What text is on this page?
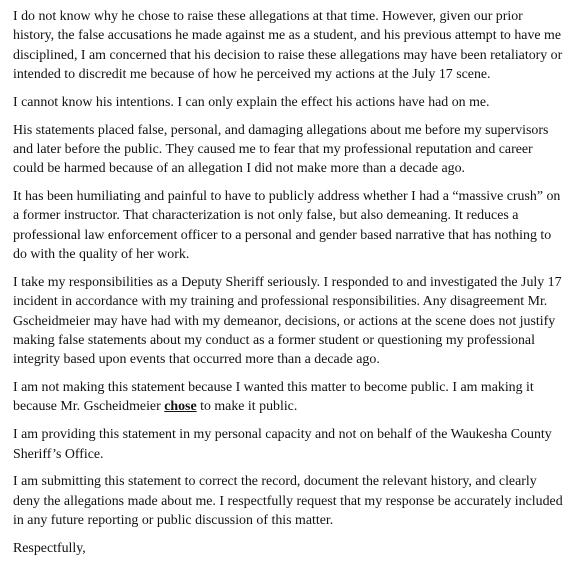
I do not know why he chose to raise these allegations at that time. However, given our prior history, the false accusations he made against me as a student, and his previous attempt to have me disciplined, I am concerned that his decision to raise these allegations may have been retaliatory or intended to discredit me because of how he perceived my actions at the July 17 scene.

I cannot know his intentions. I can only explain the effect his actions have had on me.

His statements placed false, personal, and damaging allegations about me before my supervisors and later before the public. They caused me to fear that my professional reputation and career could be harmed because of an allegation I did not make more than a decade ago.

It has been humiliating and painful to have to publicly address whether I had a “massive crush” on a former instructor. That characterization is not only false, but also demeaning. It reduces a professional law enforcement officer to a personal and gender based narrative that has nothing to do with the quality of her work.

I take my responsibilities as a Deputy Sheriff seriously. I responded to and investigated the July 17 incident in accordance with my training and professional responsibilities. Any disagreement Mr. Gscheidmeier may have had with my demeanor, decisions, or actions at the scene does not justify making false statements about my conduct as a former student or questioning my professional integrity based upon events that occurred more than a decade ago.

I am not making this statement because I wanted this matter to become public. I am making it because Mr. Gscheidmeier chose to make it public.

I am providing this statement in my personal capacity and not on behalf of the Waukesha County Sheriff’s Office.

I am submitting this statement to correct the record, document the relevant history, and clearly deny the allegations made about me. I respectfully request that my response be accurately included in any future reporting or public discussion of this matter.

Respectfully,
